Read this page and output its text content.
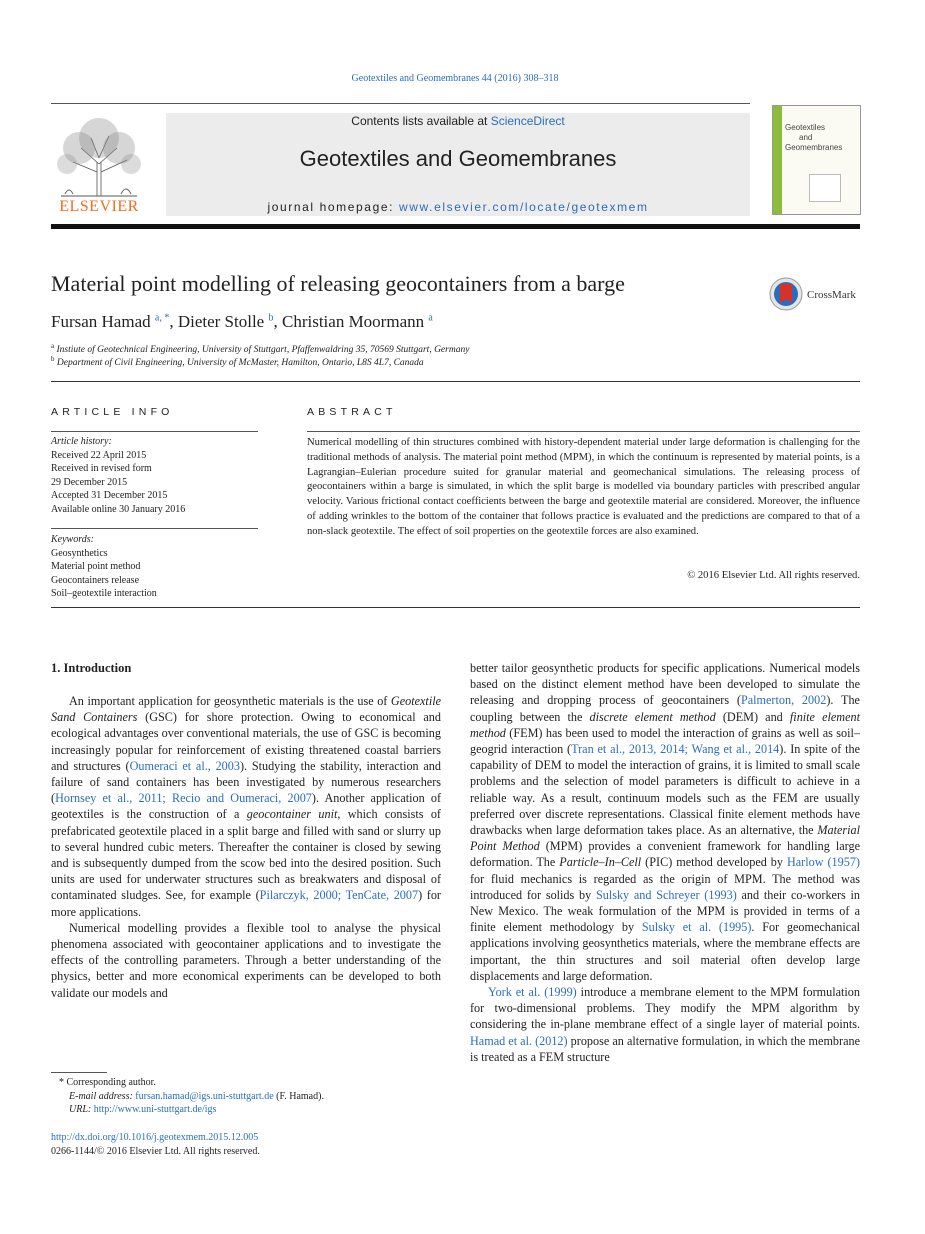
Geotextiles and Geomembranes 44 (2016) 308–318
ELSEVIER
Contents lists available at ScienceDirect
Geotextiles and Geomembranes
journal homepage: www.elsevier.com/locate/geotexmem
Geotextiles
and
Geomembranes
Material point modelling of releasing geocontainers from a barge	CrossMark
Fursan Hamad $^{a, *}$, Dieter Stolle $^b$, Christian Moormann $^a$
$^a$ Instiute of Geotechnical Engineering, University of Stuttgart, Pfaffenwaldring 35, 70569 Stuttgart, Germany
$^b$ Department of Civil Engineering, University of McMaster, Hamilton, Ontario, L8S 4L7, Canada
ARTICLE INFO
Article history:
Received 22 April 2015
Received in revised form
29 December 2015
Accepted 31 December 2015
Available online 30 January 2016
Keywords:
Geosynthetics
Material point method
Geocontainers release
Soil–geotextile interaction
ABSTRACT
Numerical modelling of thin structures combined with history-dependent material under large deformation is challenging for the traditional methods of analysis. The material point method (MPM), in which the continuum is represented by material points, is a Lagrangian–Eulerian procedure suited for granular material and geomechanical simulations. The releasing process of geocontainers within a barge is simulated, in which the split barge is modelled via boundary particles with prescribed angular velocity. Various frictional contact coefficients between the barge and geotextile material are considered. Moreover, the influence of adding wrinkles to the bottom of the container that follows practice is evaluated and the predictions are compared to that of a non-slack geotextile. The effect of soil properties on the geotextile forces are also examined.
© 2016 Elsevier Ltd. All rights reserved.
1. Introduction

An important application for geosynthetic materials is the use of Geotextile Sand Containers (GSC) for shore protection. Owing to economical and ecological advantages over conventional materials, the use of GSC is becoming increasingly popular for reinforcement of existing threatened coastal barriers and structures (Oumeraci et al., 2003). Studying the stability, interaction and failure of sand containers has been investigated by numerous researchers (Hornsey et al., 2011; Recio and Oumeraci, 2007). Another application of geotextiles is the construction of a geocontainer unit, which consists of prefabricated geotextile placed in a split barge and filled with sand or slurry up to several hundred cubic meters. Thereafter the container is closed by sewing and is subsequently dumped from the scow bed into the desired position. Such units are used for underwater structures such as breakwaters and disposal of contaminated sludges. See, for example (Pilarczyk, 2000; TenCate, 2007) for more applications.

Numerical modelling provides a flexible tool to analyse the physical phenomena associated with geocontainer applications and to investigate the effects of the controlling parameters. Through a better understanding of the physics, better and more economical experiments can be developed to both validate our models and

better tailor geosynthetic products for specific applications. Numerical models based on the distinct element method have been developed to simulate the releasing and dropping process of geocontainers (Palmerton, 2002). The coupling between the discrete element method (DEM) and finite element method (FEM) has been used to model the interaction of grains as well as soil–geogrid interaction (Tran et al., 2013, 2014; Wang et al., 2014). In spite of the capability of DEM to model the interaction of grains, it is limited to small scale problems and the selection of model parameters is difficult to achieve in a reliable way. As a result, continuum models such as the FEM are usually preferred over discrete representations. Classical finite element methods have drawbacks when large deformation takes place. As an alternative, the Material Point Method (MPM) provides a convenient framework for handling large deformation. The Particle–In–Cell (PIC) method developed by Harlow (1957) for fluid mechanics is regarded as the origin of MPM. The method was introduced for solids by Sulsky and Schreyer (1993) and their co-workers in New Mexico. The weak formulation of the MPM is provided in terms of a finite element methodology by Sulsky et al. (1995). For geomechanical applications involving geosynthetics materials, where the membrane effects are important, the thin structures and soil material often develop large displacements and large deformation.

York et al. (1999) introduce a membrane element to the MPM formulation for two-dimensional problems. They modify the MPM algorithm by considering the in-plane membrane effect of a single layer of material points. Hamad et al. (2012) propose an alternative formulation, in which the membrane is treated as a FEM structure

* Corresponding author.
E-mail address: fursan.hamad@igs.uni-stuttgart.de (F. Hamad).
URL: http://www.uni-stuttgart.de/igs
http://dx.doi.org/10.1016/j.geotexmem.2015.12.005
0266-1144/© 2016 Elsevier Ltd. All rights reserved.
